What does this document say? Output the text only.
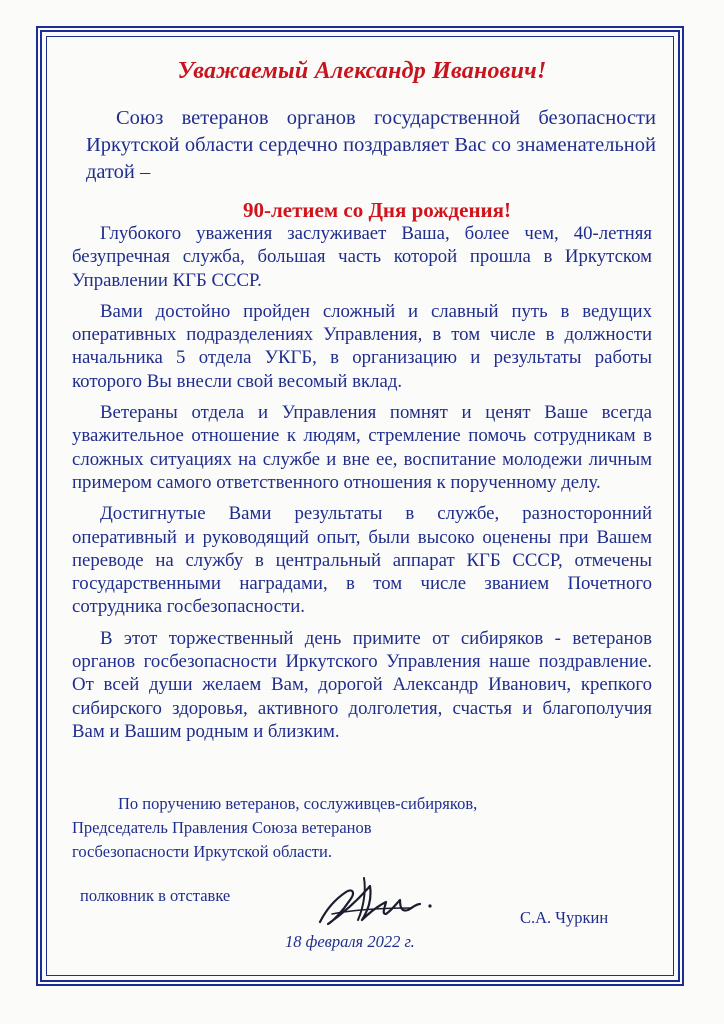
Уважаемый Александр Иванович!
Союз ветеранов органов государственной безопасности Иркутской области сердечно поздравляет Вас со знаменательной датой –
90-летием со Дня рождения!

Глубокого уважения заслуживает Ваша, более чем, 40-летняя безупречная служба, большая часть которой прошла в Иркутском Управлении КГБ СССР.

Вами достойно пройден сложный и славный путь в ведущих оперативных подразделениях Управления, в том числе в должности начальника 5 отдела УКГБ, в организацию и результаты работы которого Вы внесли свой весомый вклад.

Ветераны отдела и Управления помнят и ценят Ваше всегда уважительное отношение к людям, стремление помочь сотрудникам в сложных ситуациях на службе и вне ее, воспитание молодежи личным примером самого ответственного отношения к порученному делу.

Достигнутые Вами результаты в службе, разносторонний оперативный и руководящий опыт, были высоко оценены при Вашем переводе на службу в центральный аппарат КГБ СССР, отмечены государственными наградами, в том числе званием Почетного сотрудника госбезопасности.

В этот торжественный день примите от сибиряков - ветеранов органов госбезопасности Иркутского Управления наше поздравление. От всей души желаем Вам, дорогой Александр Иванович, крепкого сибирского здоровья, активного долголетия, счастья и благополучия Вам и Вашим родным и близким.

По поручению ветеранов, сослуживцев-сибиряков,
Председатель Правления Союза ветеранов
госбезопасности Иркутской области.
полковник в отставке
С.А. Чуркин
18 февраля 2022 г.
